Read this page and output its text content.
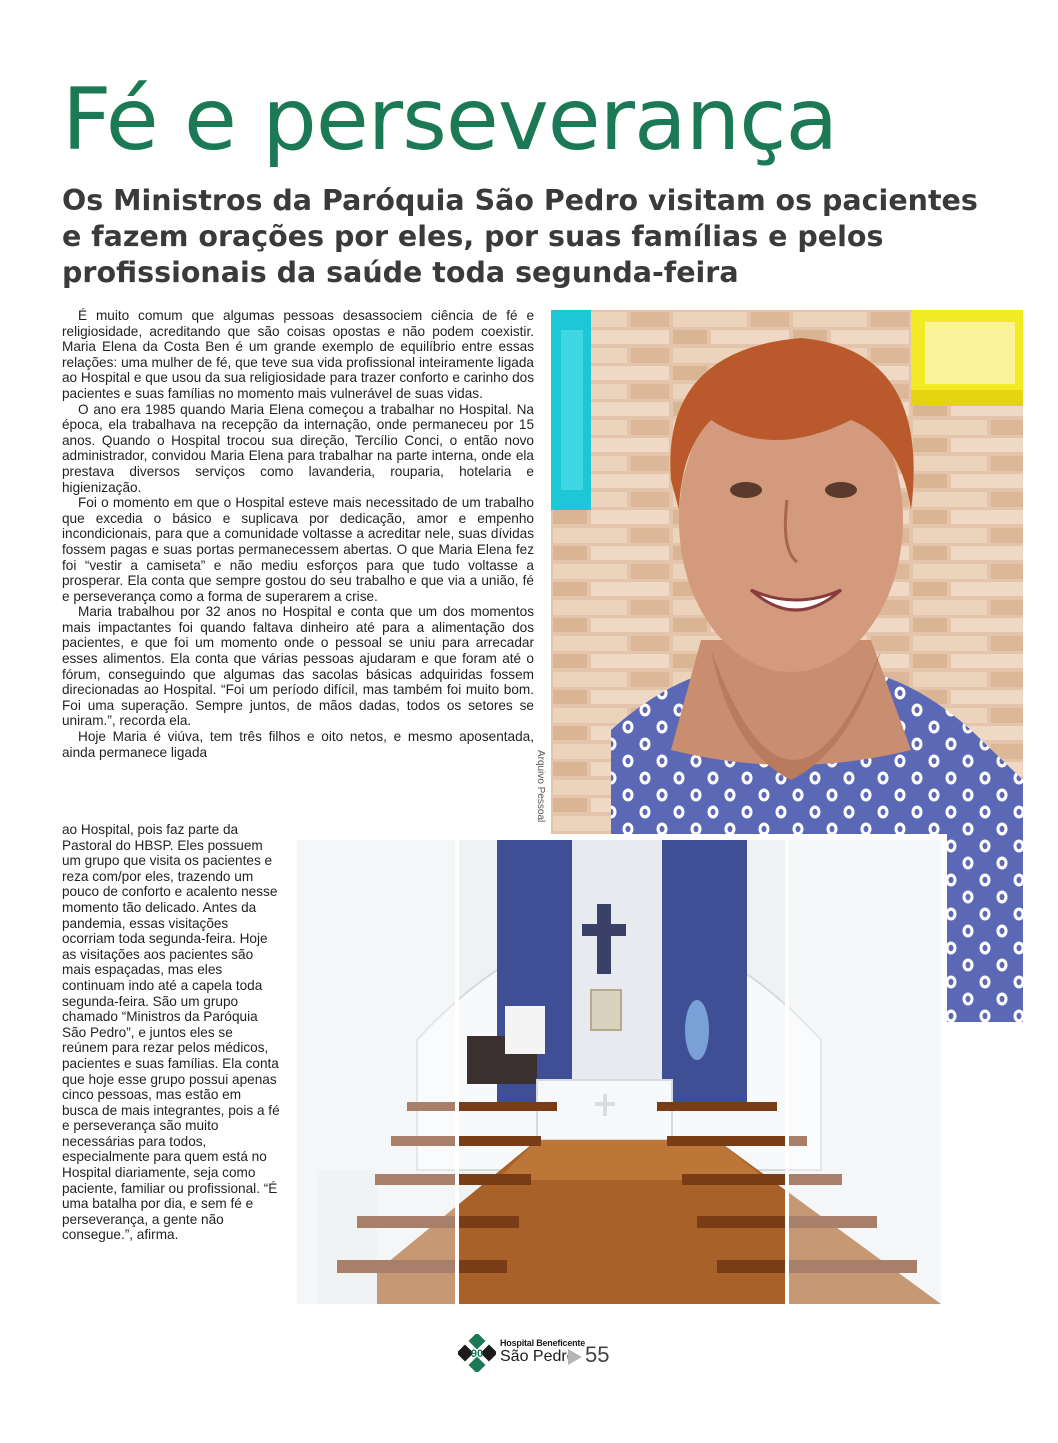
Fé e perseverança
Os Ministros da Paróquia São Pedro visitam os pacientes e fazem orações por eles, por suas famílias e pelos profissionais da saúde toda segunda-feira

É muito comum que algumas pessoas desassociem ciência de fé e religiosidade, acreditando que são coisas opostas e não podem coexistir. Maria Elena da Costa Ben é um grande exemplo de equilíbrio entre essas relações: uma mulher de fé, que teve sua vida profissional inteiramente ligada ao Hospital e que usou da sua religiosidade para trazer conforto e carinho dos pacientes e suas famílias no momento mais vulnerável de suas vidas.

O ano era 1985 quando Maria Elena começou a trabalhar no Hospital. Na época, ela trabalhava na recepção da internação, onde permaneceu por 15 anos. Quando o Hospital trocou sua direção, Tercílio Conci, o então novo administrador, convidou Maria Elena para trabalhar na parte interna, onde ela prestava diversos serviços como lavanderia, rouparia, hotelaria e higienização.

Foi o momento em que o Hospital esteve mais necessitado de um trabalho que excedia o básico e suplicava por dedicação, amor e empenho incondicionais, para que a comunidade voltasse a acreditar nele, suas dívidas fossem pagas e suas portas permanecessem abertas. O que Maria Elena fez foi “vestir a camiseta” e não mediu esforços para que tudo voltasse a prosperar. Ela conta que sempre gostou do seu trabalho e que via a união, fé e perseverança como a forma de superarem a crise.

Maria trabalhou por 32 anos no Hospital e conta que um dos momentos mais impactantes foi quando faltava dinheiro até para a alimentação dos pacientes, e que foi um momento onde o pessoal se uniu para arrecadar esses alimentos. Ela conta que várias pessoas ajudaram e que foram até o fórum, conseguindo que algumas das sacolas básicas adquiridas fossem direcionadas ao Hospital. “Foi um período difícil, mas também foi muito bom. Foi uma superação. Sempre juntos, de mãos dadas, todos os setores se uniram.”, recorda ela.

Hoje Maria é viúva, tem três filhos e oito netos, e mesmo aposentada, ainda permanece ligada

ao Hospital, pois faz parte da Pastoral do HBSP. Eles possuem um grupo que visita os pacientes e reza com/por eles, trazendo um pouco de conforto e acalento nesse momento tão delicado. Antes da pandemia, essas visitações ocorriam toda segunda-feira. Hoje as visitações aos pacientes são mais espaçadas, mas eles continuam indo até a capela toda segunda-feira. São um grupo chamado “Ministros da Paróquia São Pedro”, e juntos eles se reúnem para rezar pelos médicos, pacientes e suas famílias. Ela conta que hoje esse grupo possui apenas cinco pessoas, mas estão em busca de mais integrantes, pois a fé e perseverança são muito necessárias para todos, especialmente para quem está no Hospital diariamente, seja como paciente, familiar ou profissional. “É uma batalha por dia, e sem fé e perseverança, a gente não consegue.”, afirma.

Arquivo Pessoal
90
Hospital Beneficente
São Pedro 55
